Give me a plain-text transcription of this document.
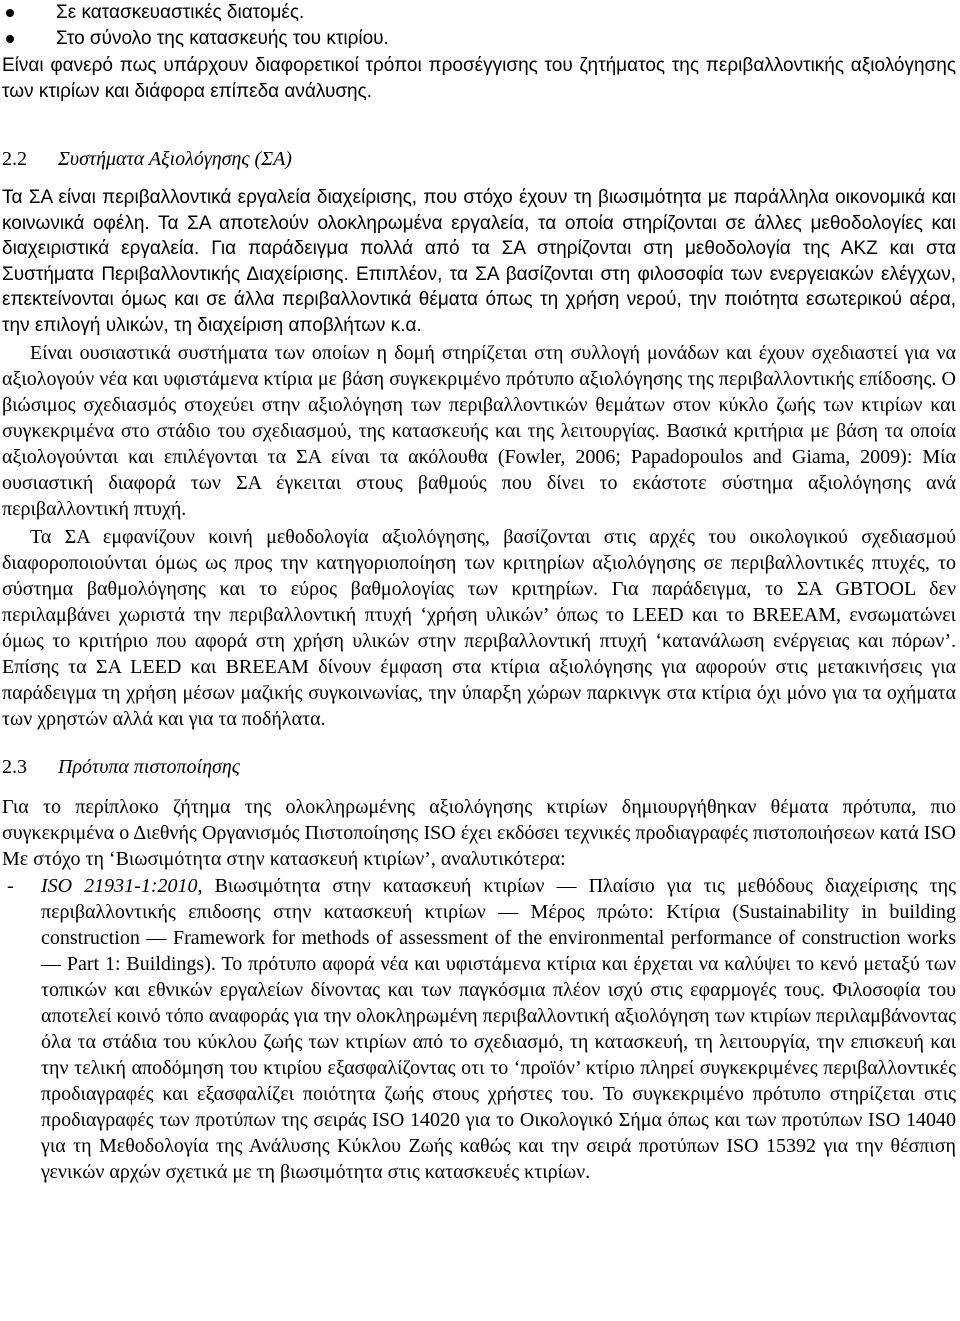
Σε κατασκευαστικές διατομές.
Στο σύνολο της κατασκευής του κτιρίου.

Είναι φανερό πως υπάρχουν διαφορετικοί τρόποι προσέγγισης του ζητήματος της περιβαλλοντικής αξιολόγησης των κτιρίων και διάφορα επίπεδα ανάλυσης.

2.2 Συστήματα Αξιολόγησης (ΣΑ)

Τα ΣΑ είναι περιβαλλοντικά εργαλεία διαχείρισης, που στόχο έχουν τη βιωσιμότητα με παράλληλα οικονομικά και κοινωνικά οφέλη. Τα ΣΑ αποτελούν ολοκληρωμένα εργαλεία, τα οποία στηρίζονται σε άλλες μεθοδολογίες και διαχειριστικά εργαλεία. Για παράδειγμα πολλά από τα ΣΑ στηρίζονται στη μεθοδολογία της ΑΚΖ και στα Συστήματα Περιβαλλοντικής Διαχείρισης. Επιπλέον, τα ΣΑ βασίζονται στη φιλοσοφία των ενεργειακών ελέγχων, επεκτείνονται όμως και σε άλλα περιβαλλοντικά θέματα όπως τη χρήση νερού, την ποιότητα εσωτερικού αέρα, την επιλογή υλικών, τη διαχείριση αποβλήτων κ.α.

Είναι ουσιαστικά συστήματα των οποίων η δομή στηρίζεται στη συλλογή μονάδων και έχουν σχεδιαστεί για να αξιολογούν νέα και υφιστάμενα κτίρια με βάση συγκεκριμένο πρότυπο αξιολόγησης της περιβαλλοντικής επίδοσης. Ο βιώσιμος σχεδιασμός στοχεύει στην αξιολόγηση των περιβαλλοντικών θεμάτων στον κύκλο ζωής των κτιρίων και συγκεκριμένα στο στάδιο του σχεδιασμού, της κατασκευής και της λειτουργίας. Βασικά κριτήρια με βάση τα οποία αξιολογούνται και επιλέγονται τα ΣΑ είναι τα ακόλουθα (Fowler, 2006; Papadopoulos and Giama, 2009): Μία ουσιαστική διαφορά των ΣΑ έγκειται στους βαθμούς που δίνει το εκάστοτε σύστημα αξιολόγησης ανά περιβαλλοντική πτυχή.

Τα ΣΑ εμφανίζουν κοινή μεθοδολογία αξιολόγησης, βασίζονται στις αρχές του οικολογικού σχεδιασμού διαφοροποιούνται όμως ως προς την κατηγοριοποίηση των κριτηρίων αξιολόγησης σε περιβαλλοντικές πτυχές, το σύστημα βαθμολόγησης και το εύρος βαθμολογίας των κριτηρίων. Για παράδειγμα, το ΣΑ GBTOOL δεν περιλαμβάνει χωριστά την περιβαλλοντική πτυχή ‘χρήση υλικών’ όπως το LEED και το BREEAM, ενσωματώνει όμως το κριτήριο που αφορά στη χρήση υλικών στην περιβαλλοντική πτυχή ‘κατανάλωση ενέργειας και πόρων’. Επίσης τα ΣΑ LEED και BREEAM δίνουν έμφαση στα κτίρια αξιολόγησης για αφορούν στις μετακινήσεις για παράδειγμα τη χρήση μέσων μαζικής συγκοινωνίας, την ύπαρξη χώρων παρκινγκ στα κτίρια όχι μόνο για τα οχήματα των χρηστών αλλά και για τα ποδήλατα.

2.3 Πρότυπα πιστοποίησης

Για το περίπλοκο ζήτημα της ολοκληρωμένης αξιολόγησης κτιρίων δημιουργήθηκαν θέματα πρότυπα, πιο συγκεκριμένα ο Διεθνής Οργανισμός Πιστοποίησης ISO έχει εκδόσει τεχνικές προδιαγραφές πιστοποιήσεων κατά ISO Με στόχο τη ‘Βιωσιμότητα στην κατασκευή κτιρίων’, αναλυτικότερα:

- ISO 21931-1:2010, Βιωσιμότητα στην κατασκευή κτιρίων — Πλαίσιο για τις μεθόδους διαχείρισης της περιβαλλοντικής επιδοσης στην κατασκευή κτιρίων — Μέρος πρώτο: Κτίρια (Sustainability in building construction — Framework for methods of assessment of the environmental performance of construction works — Part 1: Buildings). Το πρότυπο αφορά νέα και υφιστάμενα κτίρια και έρχεται να καλύψει το κενό μεταξύ των τοπικών και εθνικών εργαλείων δίνοντας και των παγκόσμια πλέον ισχύ στις εφαρμογές τους. Φιλοσοφία του αποτελεί κοινό τόπο αναφοράς για την ολοκληρωμένη περιβαλλοντική αξιολόγηση των κτιρίων περιλαμβάνοντας όλα τα στάδια του κύκλου ζωής των κτιρίων από το σχεδιασμό, τη κατασκευή, τη λειτουργία, την επισκευή και την τελική αποδόμηση του κτιρίου εξασφαλίζοντας οτι το ‘προϊόν’ κτίριο πληρεί συγκεκριμένες περιβαλλοντικές προδιαγραφές και εξασφαλίζει ποιότητα ζωής στους χρήστες του. Το συγκεκριμένο πρότυπο στηρίζεται στις προδιαγραφές των προτύπων της σειράς ISO 14020 για το Οικολογικό Σήμα όπως και των προτύπων ISO 14040 για τη Μεθοδολογία της Ανάλυσης Κύκλου Ζωής καθώς και την σειρά προτύπων ISO 15392 για την θέσπιση γενικών αρχών σχετικά με τη βιωσιμότητα στις κατασκευές κτιρίων.
